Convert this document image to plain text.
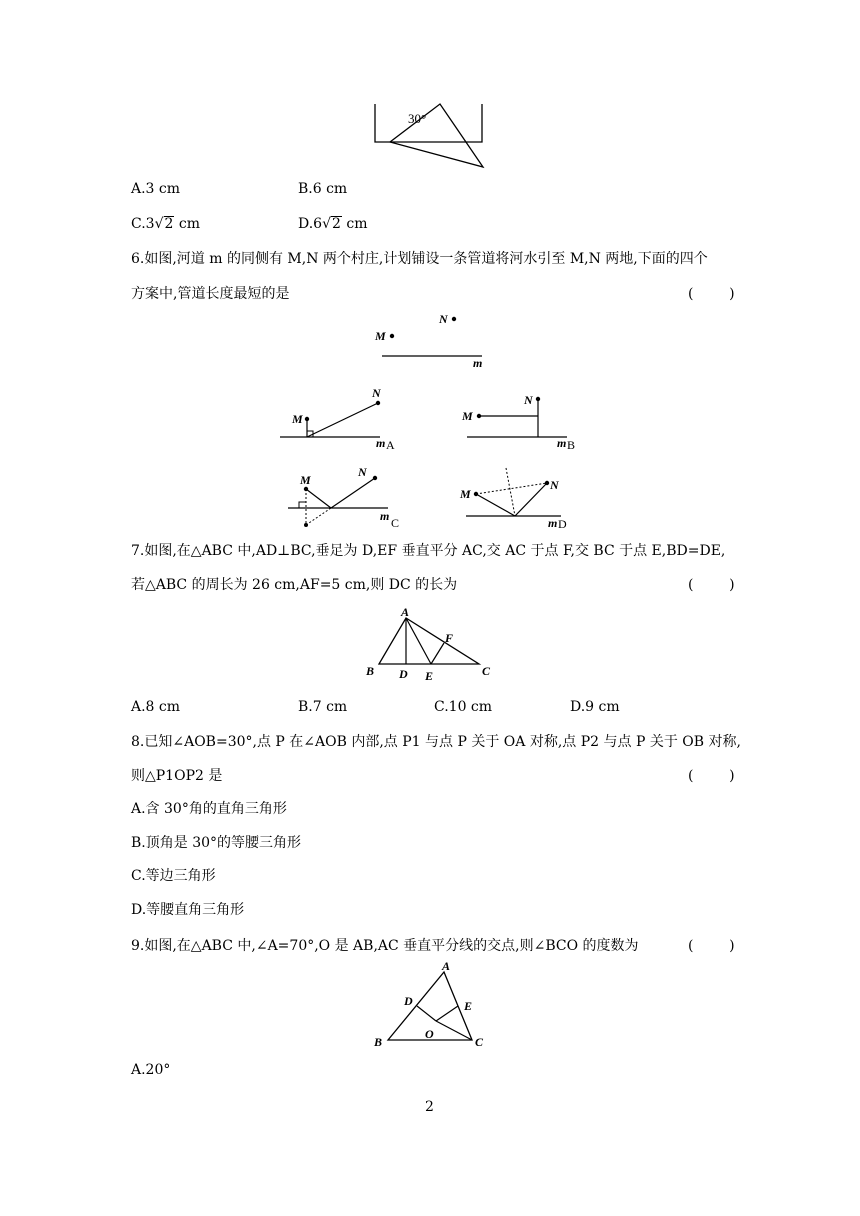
30°
A.3 cm	B.6 cm
C.3√2 cm	D.6√2 cm
6.如图,河道 m 的同侧有 M,N 两个村庄,计划铺设一条管道将河水引至 M,N 两地,下面的四个
方案中,管道长度最短的是	(        )
M
N
m
M
N
m A
M
N
m B
M
N
m C
M
N
m D
7.如图,在△ABC 中,AD⊥BC,垂足为 D,EF 垂直平分 AC,交 AC 于点 F,交 BC 于点 E,BD=DE,
若△ABC 的周长为 26 cm,AF=5 cm,则 DC 的长为	(        )
A
B	C
D E
F
A.8 cm	B.7 cm	C.10 cm	D.9 cm
8.已知∠AOB=30°,点 P 在∠AOB 内部,点 P1 与点 P 关于 OA 对称,点 P2 与点 P 关于 OB 对称,
则△P1OP2 是	(        )
A.含 30°角的直角三角形
B.顶角是 30°的等腰三角形
C.等边三角形
D.等腰直角三角形
9.如图,在△ABC 中,∠A=70°,O 是 AB,AC 垂直平分线的交点,则∠BCO 的度数为	(        )
A
B	C
D	E
O
A.20°
2
